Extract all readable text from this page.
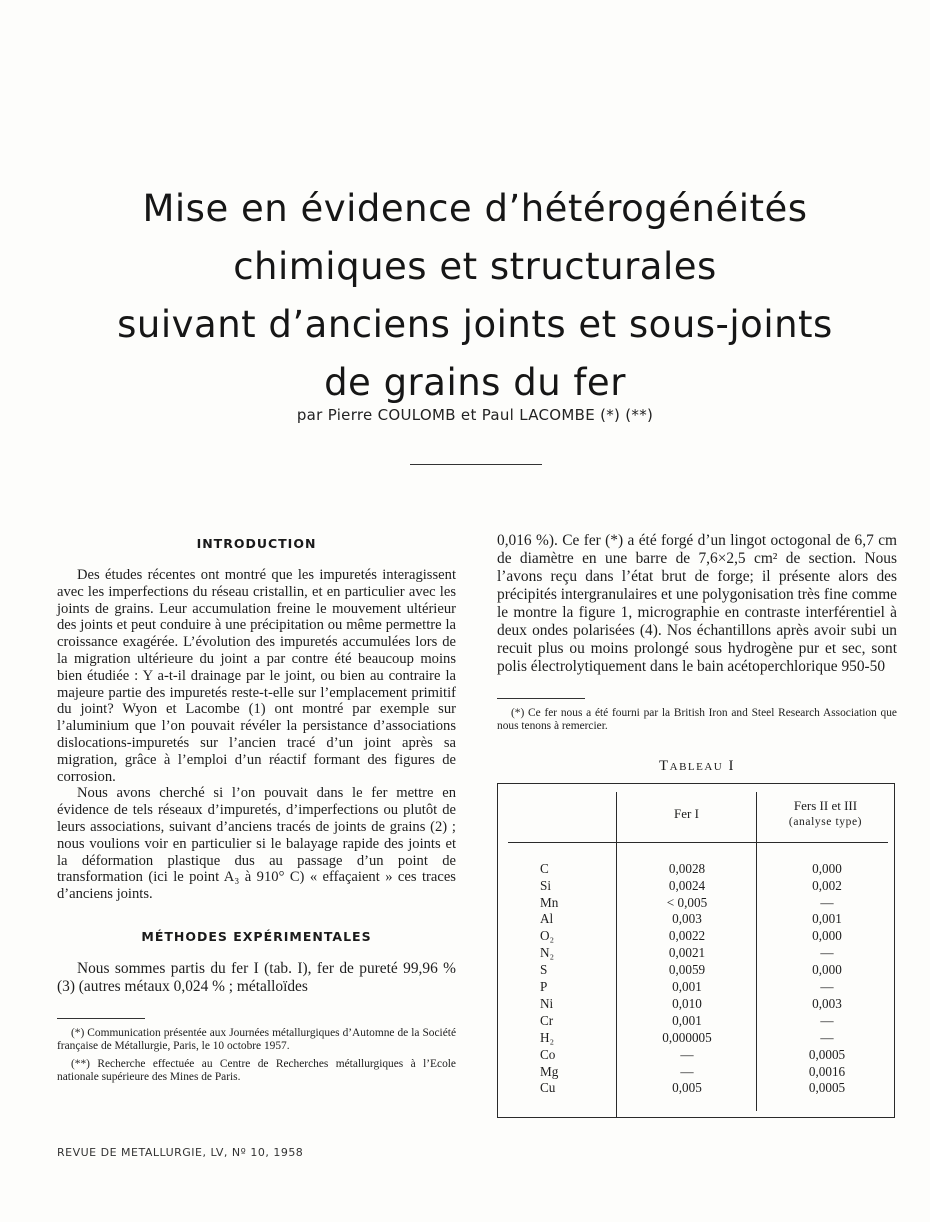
Mise en évidence d’hétérogénéités
chimiques et structurales
suivant d’anciens joints et sous-joints
de grains du fer
par Pierre COULOMB et Paul LACOMBE (*) (**)
INTRODUCTION

Des études récentes ont montré que les impuretés interagissent avec les imperfections du réseau cristallin, et en particulier avec les joints de grains. Leur accumulation freine le mouvement ultérieur des joints et peut conduire à une précipitation ou même permettre la croissance exagérée. L’évolution des impuretés accumulées lors de la migration ultérieure du joint a par contre été beaucoup moins bien étudiée : Y a-t-il drainage par le joint, ou bien au contraire la majeure partie des impuretés reste-t-elle sur l’emplacement primitif du joint? Wyon et Lacombe (1) ont montré par exemple sur l’aluminium que l’on pouvait révéler la persistance d’associations dislocations-impuretés sur l’ancien tracé d’un joint après sa migration, grâce à l’emploi d’un réactif formant des figures de corrosion.

Nous avons cherché si l’on pouvait dans le fer mettre en évidence de tels réseaux d’impuretés, d’imperfections ou plutôt de leurs associations, suivant d’anciens tracés de joints de grains (2) ; nous voulions voir en particulier si le balayage rapide des joints et la déformation plastique dus au passage d’un point de transformation (ici le point A₃ à 910° C) « effaçaient » ces traces d’anciens joints.

MÉTHODES EXPÉRIMENTALES

Nous sommes partis du fer I (tab. I), fer de pureté 99,96 % (3) (autres métaux 0,024 % ; métalloïdes

(*) Communication présentée aux Journées métallurgiques d’Automne de la Société française de Métallurgie, Paris, le 10 octobre 1957.

(**) Recherche effectuée au Centre de Recherches métallurgiques à l’Ecole nationale supérieure des Mines de Paris.

REVUE DE METALLURGIE, LV, Nº 10, 1958

0,016 %). Ce fer (*) a été forgé d’un lingot octogonal de 6,7 cm de diamètre en une barre de 7,6×2,5 cm² de section. Nous l’avons reçu dans l’état brut de forge; il présente alors des précipités intergranulaires et une polygonisation très fine comme le montre la figure 1, micrographie en contraste interférentiel à deux ondes polarisées (4). Nos échantillons après avoir subi un recuit plus ou moins prolongé sous hydrogène pur et sec, sont polis électrolytiquement dans le bain acétoperchlorique 950-50

(*) Ce fer nous a été fourni par la British Iron and Steel Research Association que nous tenons à remercier.

Tableau I
Fer I
Fers II et III
(analyse type)
C	0,0028	0,000
Si	0,0024	0,002
Mn	< 0,005	—
Al	0,003	0,001
O₂	0,0022	0,000
N₂	0,0021	—
S	0,0059	0,000
P	0,001	—
Ni	0,010	0,003
Cr	0,001	—
H₂	0,000005	—
Co	—	0,0005
Mg	—	0,0016
Cu	0,005	0,0005
